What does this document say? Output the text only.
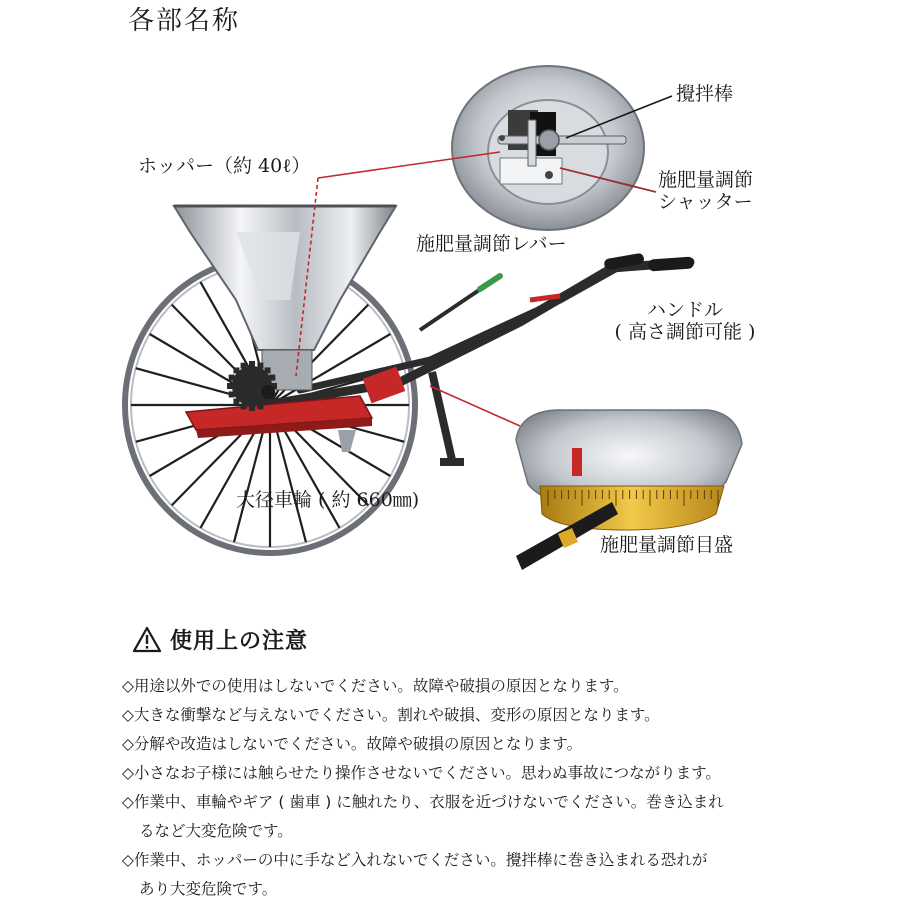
各部名称
ホッパー（約 40ℓ）
攪拌棒
施肥量調節
シャッター
施肥量調節レバー
ハンドル
( 高さ調節可能 )
大径車輪 ( 約 660㎜)
施肥量調節目盛
使用上の注意
◇用途以外での使用はしないでください。故障や破損の原因となります。
◇大きな衝撃など与えないでください。割れや破損、変形の原因となります。
◇分解や改造はしないでください。故障や破損の原因となります。
◇小さなお子様には触らせたり操作させないでください。思わぬ事故につながります。
◇作業中、車輪やギア ( 歯車 ) に触れたり、衣服を近づけないでください。巻き込まれ
るなど大変危険です。
◇作業中、ホッパーの中に手など入れないでください。攪拌棒に巻き込まれる恐れが
あり大変危険です。
